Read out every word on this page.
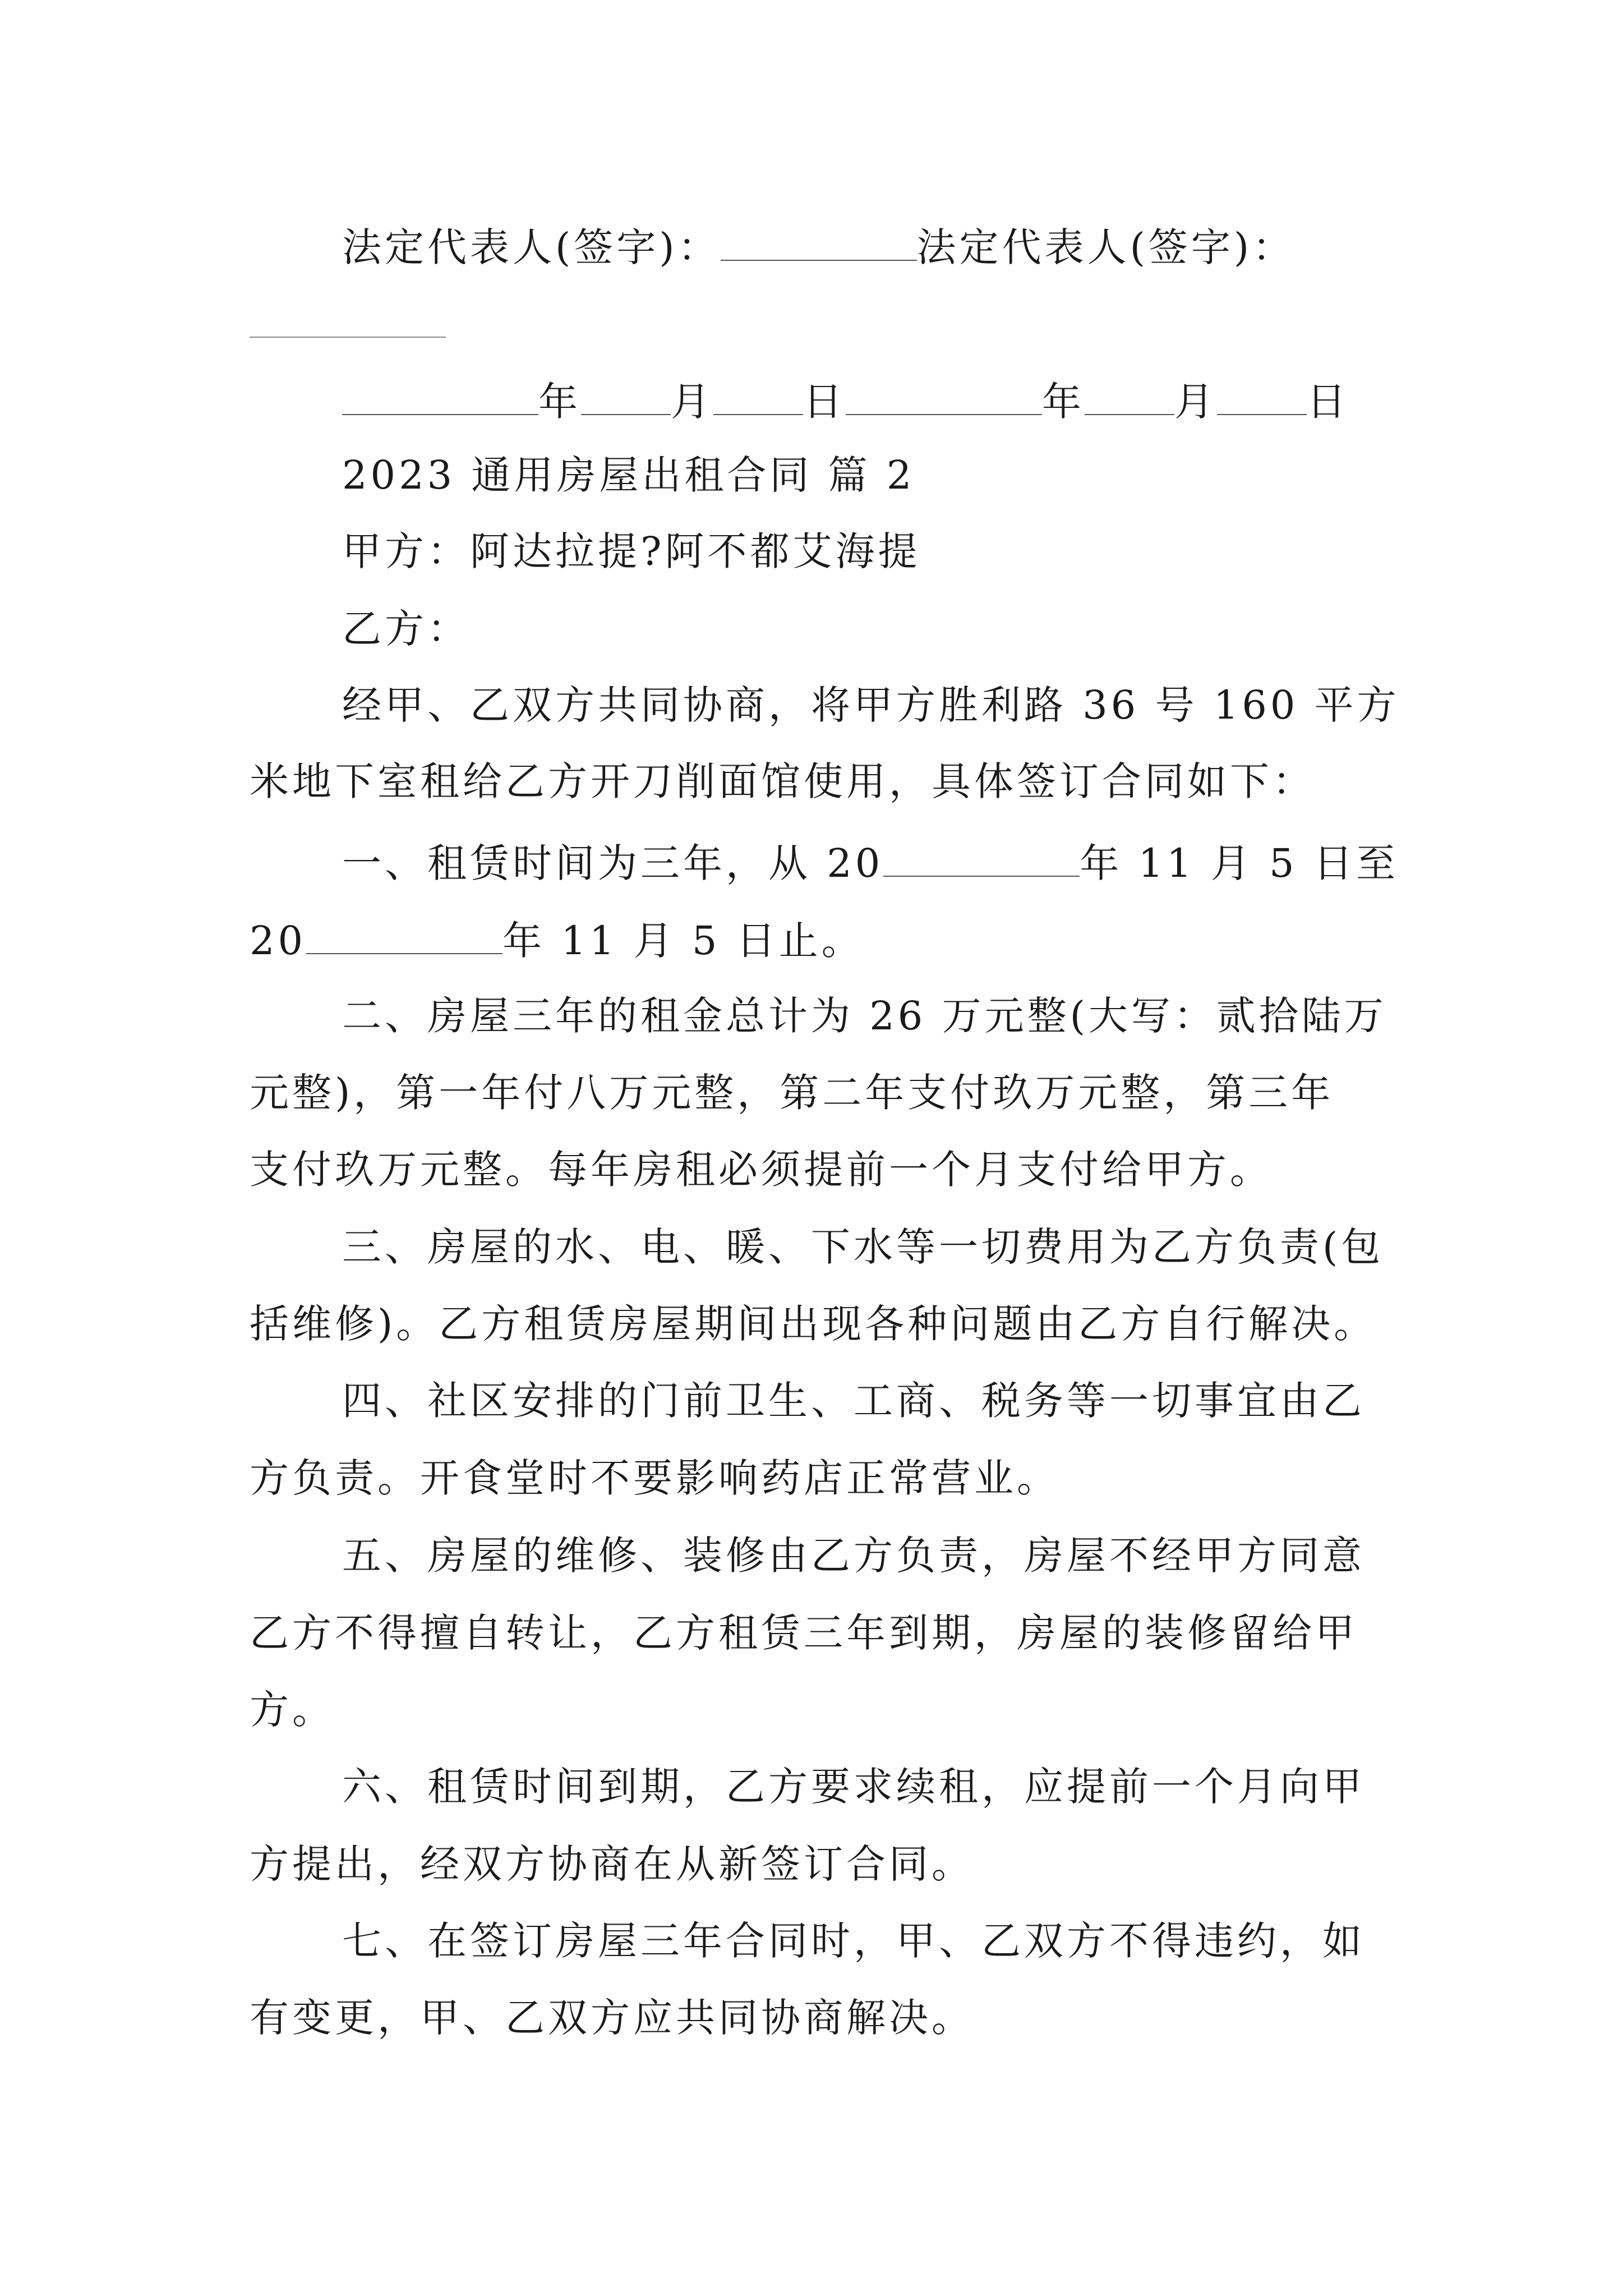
法定代表人(签字)：	法定代表人(签字)：
年 月 日	年 月 日
2023 通用房屋出租合同 篇 2
甲方：阿达拉提?阿不都艾海提
乙方：
经甲、乙双方共同协商，将甲方胜利路 36 号 160 平方
米地下室租给乙方开刀削面馆使用，具体签订合同如下：
一、租赁时间为三年，从 20	年 11 月 5 日至
20	年 11 月 5 日止。
二、房屋三年的租金总计为 26 万元整(大写：贰拾陆万
元整)，第一年付八万元整，第二年支付玖万元整，第三年
支付玖万元整。每年房租必须提前一个月支付给甲方。
三、房屋的水、电、暖、下水等一切费用为乙方负责(包
括维修)。乙方租赁房屋期间出现各种问题由乙方自行解决。
四、社区安排的门前卫生、工商、税务等一切事宜由乙
方负责。开食堂时不要影响药店正常营业。
五、房屋的维修、装修由乙方负责，房屋不经甲方同意
乙方不得擅自转让，乙方租赁三年到期，房屋的装修留给甲
方。
六、租赁时间到期，乙方要求续租，应提前一个月向甲
方提出，经双方协商在从新签订合同。
七、在签订房屋三年合同时，甲、乙双方不得违约，如
有变更，甲、乙双方应共同协商解决。
